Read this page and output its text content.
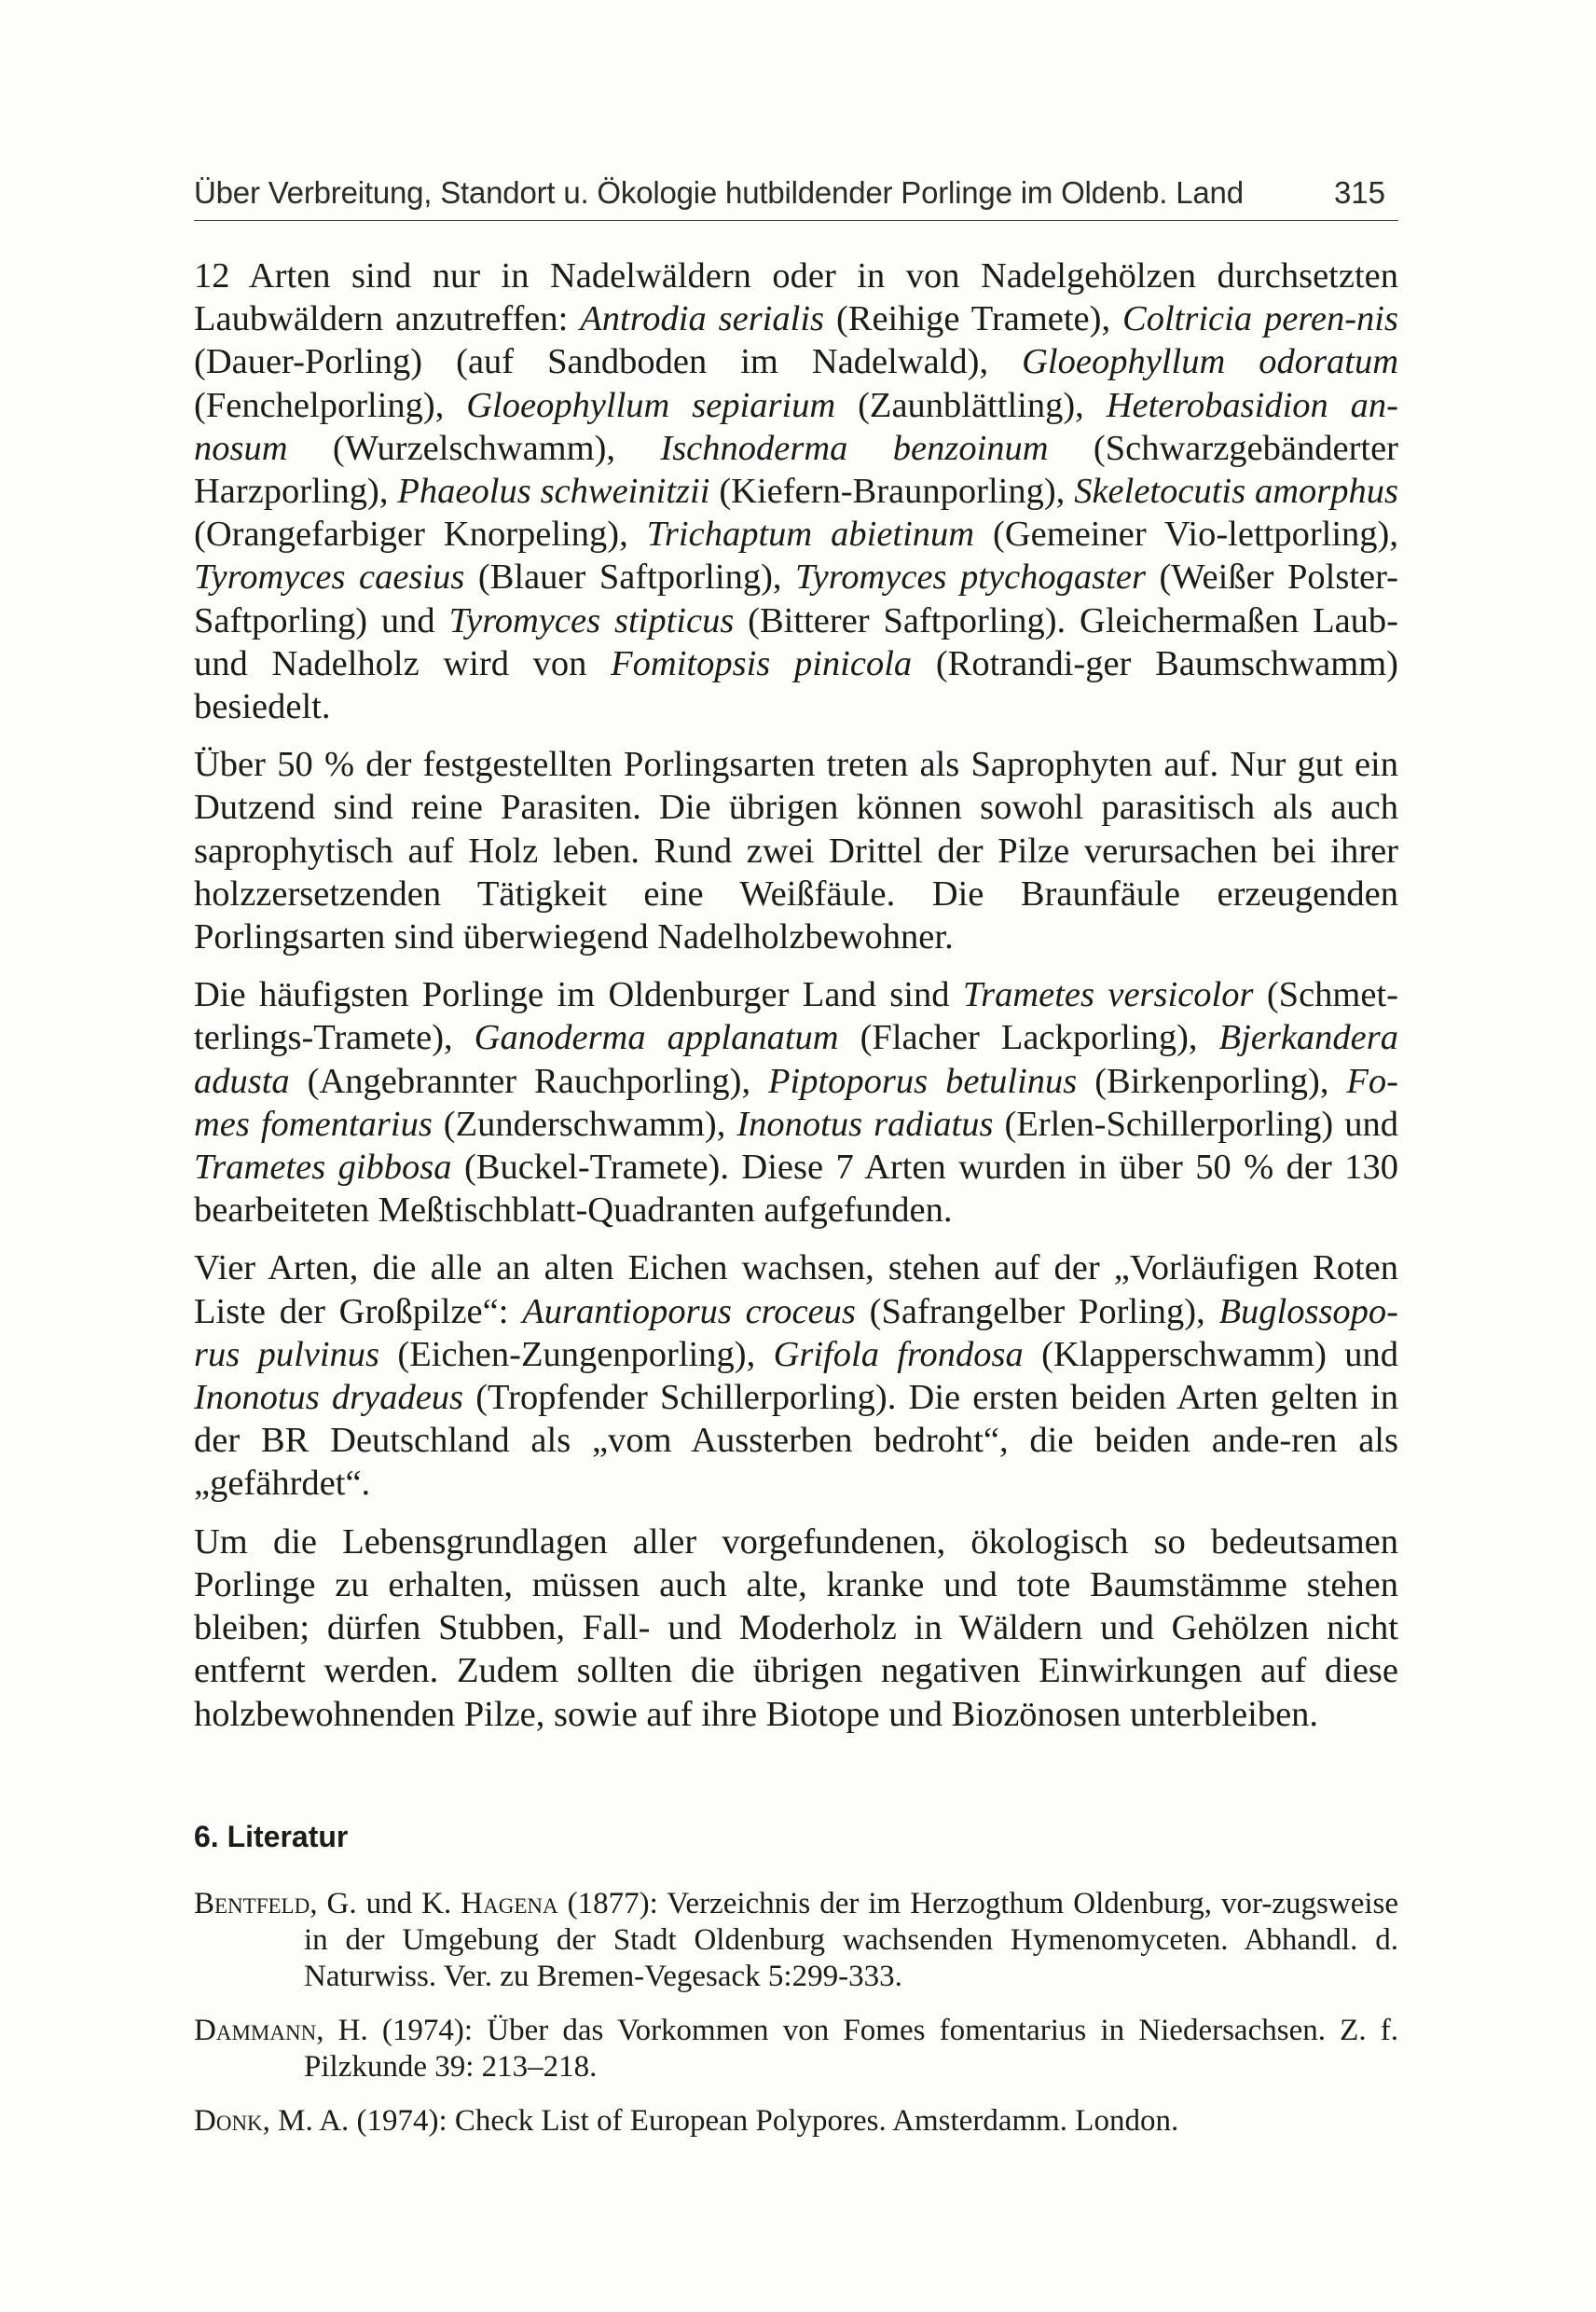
Über Verbreitung, Standort u. Ökologie hutbildender Porlinge im Oldenb. Land	315

12 Arten sind nur in Nadelwäldern oder in von Nadelgehölzen durchsetzten Laubwäldern anzutreffen: Antrodia serialis (Reihige Tramete), Coltricia peren-nis (Dauer-Porling) (auf Sandboden im Nadelwald), Gloeophyllum odoratum (Fenchelporling), Gloeophyllum sepiarium (Zaunblättling), Heterobasidion an-nosum (Wurzelschwamm), Ischnoderma benzoinum (Schwarzgebänderter Harzporling), Phaeolus schweinitzii (Kiefern-Braunporling), Skeletocutis amorphus (Orangefarbiger Knorpeling), Trichaptum abietinum (Gemeiner Vio-lettporling), Tyromyces caesius (Blauer Saftporling), Tyromyces ptychogaster (Weißer Polster-Saftporling) und Tyromyces stipticus (Bitterer Saftporling). Gleichermaßen Laub- und Nadelholz wird von Fomitopsis pinicola (Rotrandi-ger Baumschwamm) besiedelt.

Über 50 % der festgestellten Porlingsarten treten als Saprophyten auf. Nur gut ein Dutzend sind reine Parasiten. Die übrigen können sowohl parasitisch als auch saprophytisch auf Holz leben. Rund zwei Drittel der Pilze verursachen bei ihrer holzzersetzenden Tätigkeit eine Weißfäule. Die Braunfäule erzeugenden Porlingsarten sind überwiegend Nadelholzbewohner.

Die häufigsten Porlinge im Oldenburger Land sind Trametes versicolor (Schmet-terlings-Tramete), Ganoderma applanatum (Flacher Lackporling), Bjerkandera adusta (Angebrannter Rauchporling), Piptoporus betulinus (Birkenporling), Fo-mes fomentarius (Zunderschwamm), Inonotus radiatus (Erlen-Schillerporling) und Trametes gibbosa (Buckel-Tramete). Diese 7 Arten wurden in über 50 % der 130 bearbeiteten Meßtischblatt-Quadranten aufgefunden.

Vier Arten, die alle an alten Eichen wachsen, stehen auf der „Vorläufigen Roten Liste der Großpilze“: Aurantioporus croceus (Safrangelber Porling), Buglossopo-rus pulvinus (Eichen-Zungenporling), Grifola frondosa (Klapperschwamm) und Inonotus dryadeus (Tropfender Schillerporling). Die ersten beiden Arten gelten in der BR Deutschland als „vom Aussterben bedroht“, die beiden ande-ren als „gefährdet“.

Um die Lebensgrundlagen aller vorgefundenen, ökologisch so bedeutsamen Porlinge zu erhalten, müssen auch alte, kranke und tote Baumstämme stehen bleiben; dürfen Stubben, Fall- und Moderholz in Wäldern und Gehölzen nicht entfernt werden. Zudem sollten die übrigen negativen Einwirkungen auf diese holzbewohnenden Pilze, sowie auf ihre Biotope und Biozönosen unterbleiben.

6. Literatur
Bentfeld, G. und K. Hagena (1877): Verzeichnis der im Herzogthum Oldenburg, vor-zugsweise in der Umgebung der Stadt Oldenburg wachsenden Hymenomyceten. Abhandl. d. Naturwiss. Ver. zu Bremen-Vegesack 5:299-333.
Dammann, H. (1974): Über das Vorkommen von Fomes fomentarius in Niedersachsen. Z. f. Pilzkunde 39: 213–218.
Donk, M. A. (1974): Check List of European Polypores. Amsterdamm. London.
